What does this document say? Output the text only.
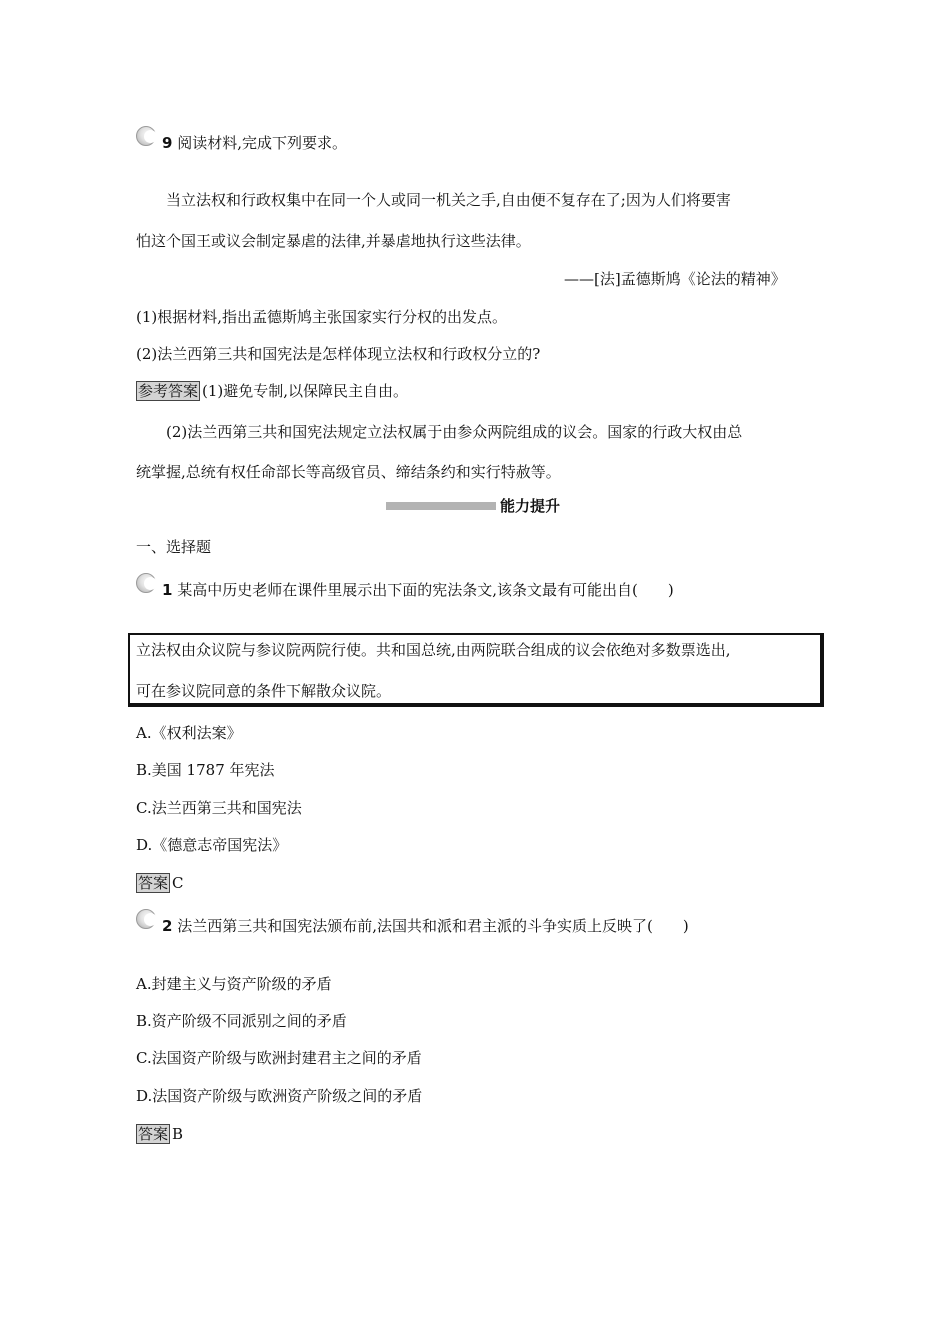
9 阅读材料,完成下列要求。
当立法权和行政权集中在同一个人或同一机关之手,自由便不复存在了;因为人们将要害
怕这个国王或议会制定暴虐的法律,并暴虐地执行这些法律。
——[法]孟德斯鸠《论法的精神》
(1)根据材料,指出孟德斯鸠主张国家实行分权的出发点。
(2)法兰西第三共和国宪法是怎样体现立法权和行政权分立的?
参考答案 (1)避免专制,以保障民主自由。
(2)法兰西第三共和国宪法规定立法权属于由参众两院组成的议会。国家的行政大权由总
统掌握,总统有权任命部长等高级官员、缔结条约和实行特赦等。
能力提升
一、选择题
1 某高中历史老师在课件里展示出下面的宪法条文,该条文最有可能出自(　　)
立法权由众议院与参议院两院行使。共和国总统,由两院联合组成的议会依绝对多数票选出,
可在参议院同意的条件下解散众议院。
A.《权利法案》
B.美国 1787 年宪法
C.法兰西第三共和国宪法
D.《德意志帝国宪法》
答案 C
2 法兰西第三共和国宪法颁布前,法国共和派和君主派的斗争实质上反映了(　　)
A.封建主义与资产阶级的矛盾
B.资产阶级不同派别之间的矛盾
C.法国资产阶级与欧洲封建君主之间的矛盾
D.法国资产阶级与欧洲资产阶级之间的矛盾
答案 B
